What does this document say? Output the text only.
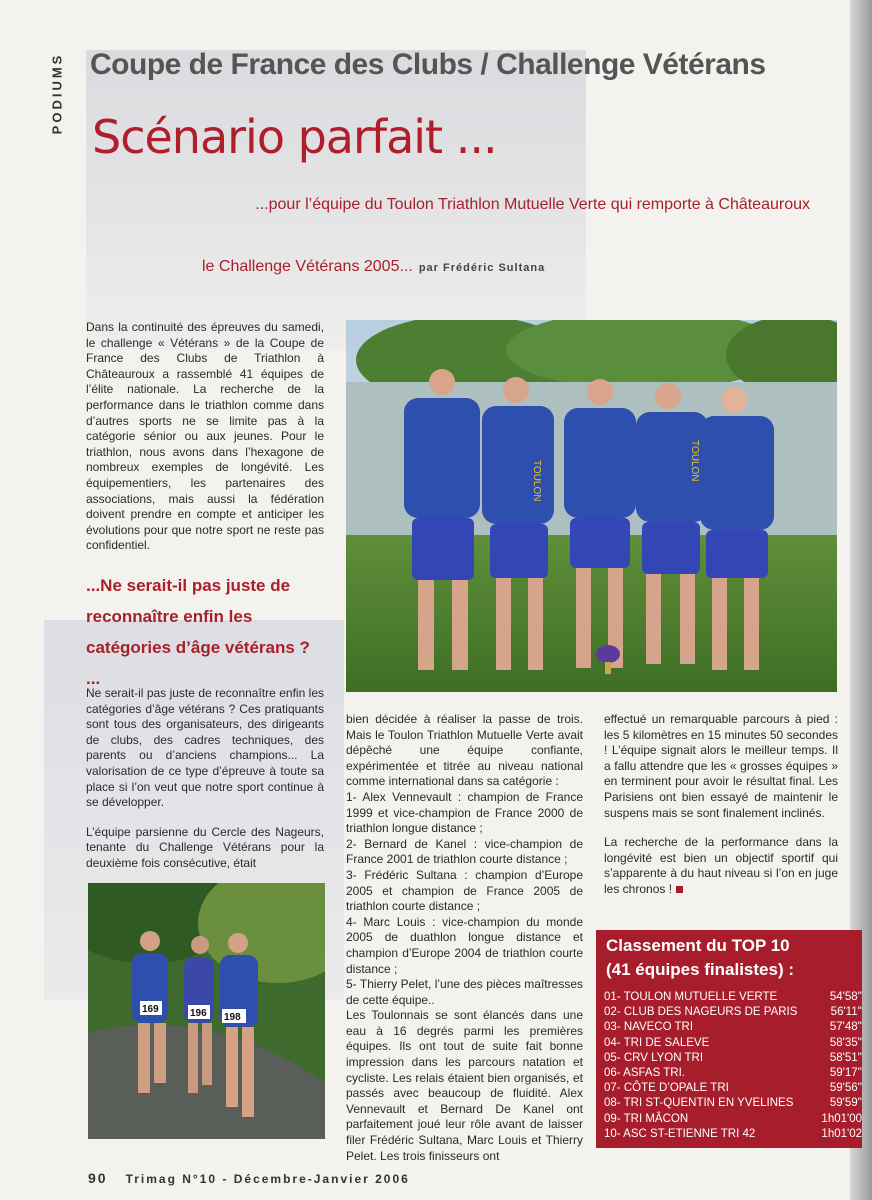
PODIUMS Coupe de France des Clubs / Challenge Vétérans
Scénario parfait ...
...pour l’équipe du Toulon Triathlon Mutuelle Verte qui remporte à Châteauroux
le Challenge Vétérans 2005... par Frédéric Sultana
Dans la continuité des épreuves du samedi, le challenge « Vétérans » de la Coupe de France des Clubs de Triathlon à Châteauroux a rassemblé 41 équipes de l’élite nationale. La recherche de la performance dans le triathlon comme dans d’autres sports ne se limite pas à la catégorie sénior ou aux jeunes. Pour le triathlon, nous avons dans l’hexagone de nombreux exemples de longévité. Les équipementiers, les partenaires des associations, mais aussi la fédération doivent prendre en compte et anticiper les évolutions pour que notre sport ne reste pas confidentiel.
...Ne serait-il pas juste de reconnaître enfin les catégories d’âge vétérans ? ...

Ne serait-il pas juste de reconnaître enfin les catégories d’âge vétérans ? Ces pratiquants sont tous des organisateurs, des dirigeants de clubs, des cadres techniques, des parents ou d’anciens champions... La valorisation de ce type d’épreuve à toute sa place si l’on veut que notre sport continue à se développer.

L’équipe parsienne du Cercle des Nageurs, tenante du Challenge Vétérans pour la deuxième fois consécutive, était

bien décidée à réaliser la passe de trois. Mais le Toulon Triathlon Mutuelle Verte avait dépêché une équipe confiante, expérimentée et titrée au niveau national comme international dans sa catégorie :
1- Alex Vennevault : champion de France 1999 et vice-champion de France 2000 de triathlon longue distance ;
2- Bernard de Kanel : vice-champion de France 2001 de triathlon courte distance ;
3- Frédéric Sultana : champion d’Europe 2005 et champion de France 2005 de triathlon courte distance ;
4- Marc Louis : vice-champion du monde 2005 de duathlon longue distance et champion d’Europe 2004 de triathlon courte distance ;
5- Thierry Pelet, l’une des pièces maîtresses de cette équipe..
Les Toulonnais se sont élancés dans une eau à 16 degrés parmi les premières équipes. Ils ont tout de suite fait bonne impression dans les parcours natation et cycliste. Les relais étaient bien organisés, et passés avec beaucoup de fluidité. Alex Vennevault et Bernard De Kanel ont parfaitement joué leur rôle avant de laisser filer Frédéric Sultana, Marc Louis et Thierry Pelet. Les trois finisseurs ont

effectué un remarquable parcours à pied : les 5 kilomètres en 15 minutes 50 secondes ! L’équipe signait alors le meilleur temps. Il a fallu attendre que les « grosses équipes » en terminent pour avoir le résultat final. Les Parisiens ont bien essayé de maintenir le suspens mais se sont finalement inclinés.

La recherche de la performance dans la longévité est bien un objectif sportif qui s’apparente à du haut niveau si l’on en juge les chronos !

TOULON	TOULON
169	196 198
Classement du TOP 10
(41 équipes finalistes) :
01- TOULON MUTUELLE VERTE	54'58''
02- CLUB DES NAGEURS DE PARIS	56'11''
03- NAVECO TRI	57'48''
04- TRI DE SALEVE	58'35''
05- CRV LYON TRI	58'51''
06- ASFAS TRI.	59'17''
07- CÔTE D’OPALE TRI	59'56''
08- TRI ST-QUENTIN EN YVELINES	59'59''
09- TRI MÂCON	1h01'00
10- ASC ST-ETIENNE TRI 42	1h01'02
90 Trimag N°10 - Décembre-Janvier 2006
